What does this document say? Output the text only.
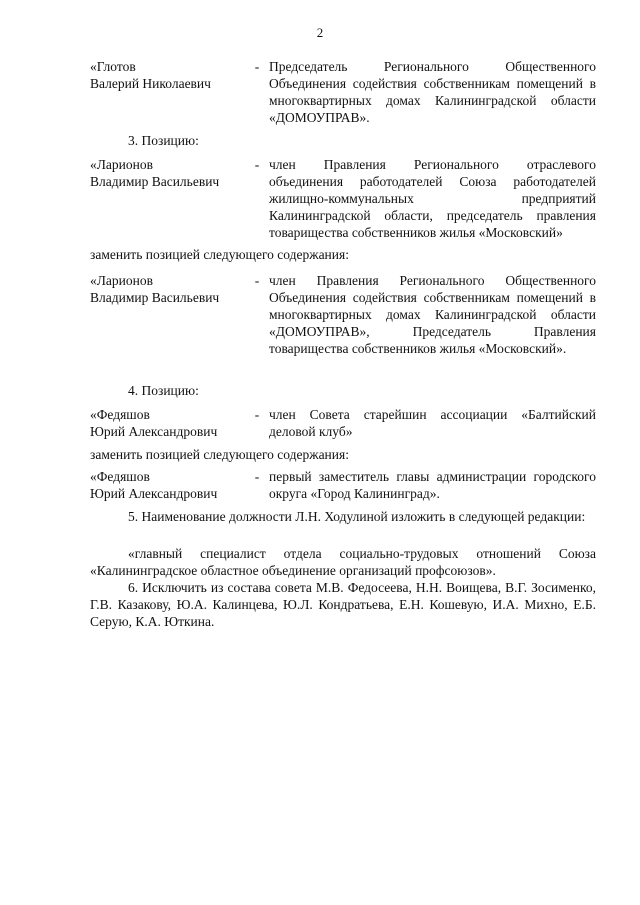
2
«Глотов
Валерий Николаевич
- Председатель Регионального Общественного Объединения содействия собственникам помещений в многоквартирных домах Калининградской области «ДОМОУПРАВ».
3. Позицию:
«Ларионов
Владимир Васильевич
- член Правления Регионального отраслевого объединения работодателей Союза работодателей жилищно-коммунальных предприятий Калининградской области, председатель правления товарищества собственников жилья «Московский»
заменить позицией следующего содержания:
«Ларионов
Владимир Васильевич
- член Правления Регионального Общественного Объединения содействия собственникам помещений в многоквартирных домах Калининградской области «ДОМОУПРАВ», Председатель Правления товарищества собственников жилья «Московский».
4. Позицию:
«Федяшов
Юрий Александрович
- член Совета старейшин ассоциации «Балтийский деловой клуб»
заменить позицией следующего содержания:
«Федяшов
Юрий Александрович
- первый заместитель главы администрации городского округа «Город Калининград».
5. Наименование должности Л.Н. Ходулиной изложить в следующей редакции:
«главный специалист отдела социально-трудовых отношений Союза «Калининградское областное объединение организаций профсоюзов».
6. Исключить из состава совета М.В. Федосеева, Н.Н. Воищева, В.Г. Зосименко, Г.В. Казакову, Ю.А. Калинцева, Ю.Л. Кондратьева, Е.Н. Кошевую, И.А. Михно, Е.Б. Серую, К.А. Юткина.
